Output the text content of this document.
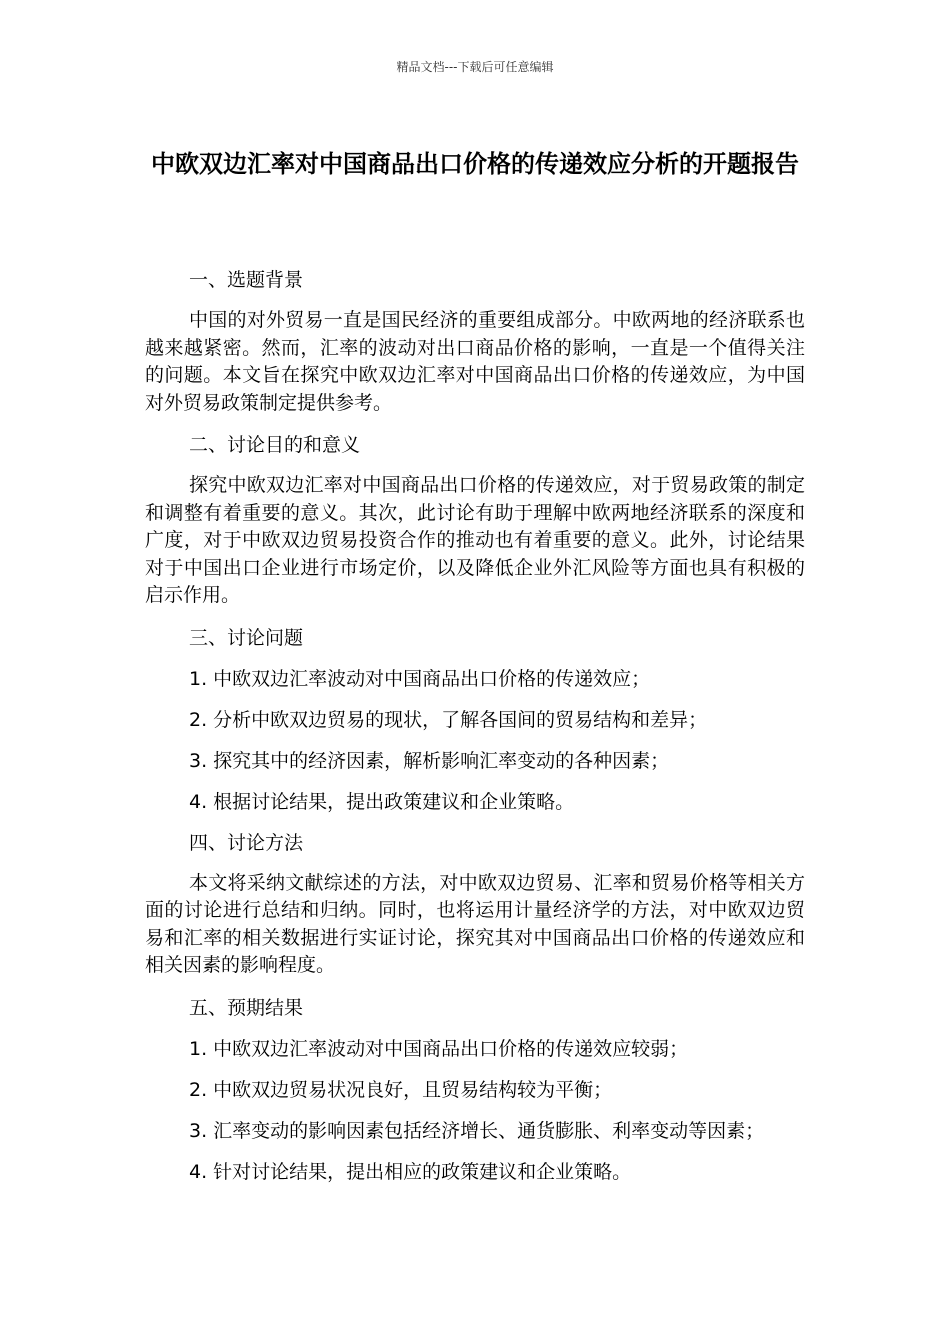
精品文档---下载后可任意编辑
中欧双边汇率对中国商品出口价格的传递效应分析的开题报告
一、选题背景
中国的对外贸易一直是国民经济的重要组成部分。中欧两地的经济联系也越来越紧密。然而，汇率的波动对出口商品价格的影响，一直是一个值得关注的问题。本文旨在探究中欧双边汇率对中国商品出口价格的传递效应，为中国对外贸易政策制定提供参考。
二、讨论目的和意义
探究中欧双边汇率对中国商品出口价格的传递效应，对于贸易政策的制定和调整有着重要的意义。其次，此讨论有助于理解中欧两地经济联系的深度和广度，对于中欧双边贸易投资合作的推动也有着重要的意义。此外，讨论结果对于中国出口企业进行市场定价，以及降低企业外汇风险等方面也具有积极的启示作用。
三、讨论问题
1. 中欧双边汇率波动对中国商品出口价格的传递效应；
2. 分析中欧双边贸易的现状，了解各国间的贸易结构和差异；
3. 探究其中的经济因素，解析影响汇率变动的各种因素；
4. 根据讨论结果，提出政策建议和企业策略。
四、讨论方法
本文将采纳文献综述的方法，对中欧双边贸易、汇率和贸易价格等相关方面的讨论进行总结和归纳。同时，也将运用计量经济学的方法，对中欧双边贸易和汇率的相关数据进行实证讨论，探究其对中国商品出口价格的传递效应和相关因素的影响程度。
五、预期结果
1. 中欧双边汇率波动对中国商品出口价格的传递效应较弱；
2. 中欧双边贸易状况良好，且贸易结构较为平衡；
3. 汇率变动的影响因素包括经济增长、通货膨胀、利率变动等因素；
4. 针对讨论结果，提出相应的政策建议和企业策略。
